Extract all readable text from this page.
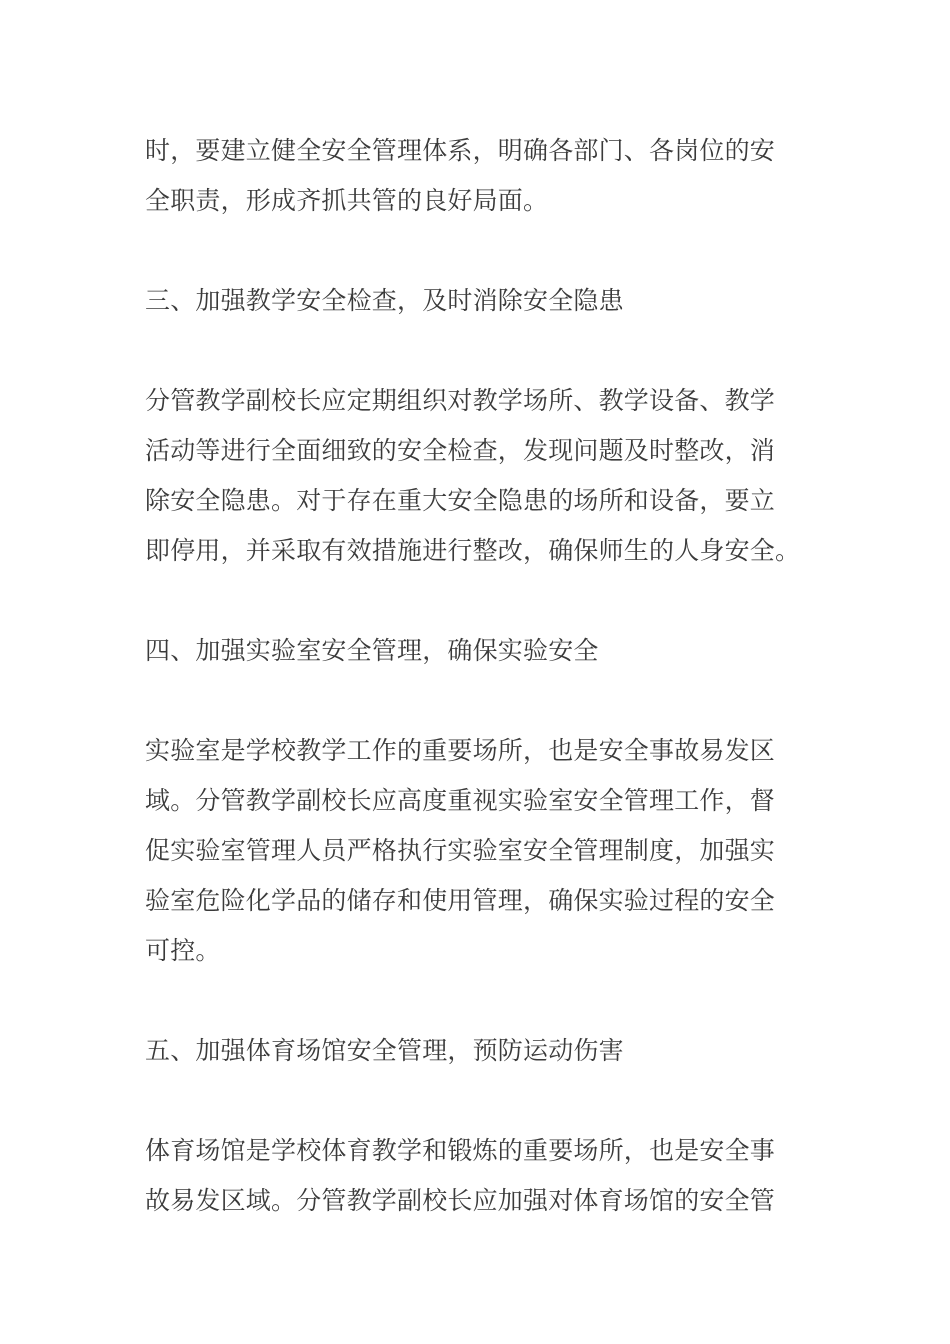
时，要建立健全安全管理体系，明确各部门、各岗位的安
全职责，形成齐抓共管的良好局面。

三、加强教学安全检查，及时消除安全隐患

分管教学副校长应定期组织对教学场所、教学设备、教学
活动等进行全面细致的安全检查，发现问题及时整改，消
除安全隐患。对于存在重大安全隐患的场所和设备，要立
即停用，并采取有效措施进行整改，确保师生的人身安全。

四、加强实验室安全管理，确保实验安全

实验室是学校教学工作的重要场所，也是安全事故易发区
域。分管教学副校长应高度重视实验室安全管理工作，督
促实验室管理人员严格执行实验室安全管理制度，加强实
验室危险化学品的储存和使用管理，确保实验过程的安全
可控。

五、加强体育场馆安全管理，预防运动伤害

体育场馆是学校体育教学和锻炼的重要场所，也是安全事
故易发区域。分管教学副校长应加强对体育场馆的安全管
